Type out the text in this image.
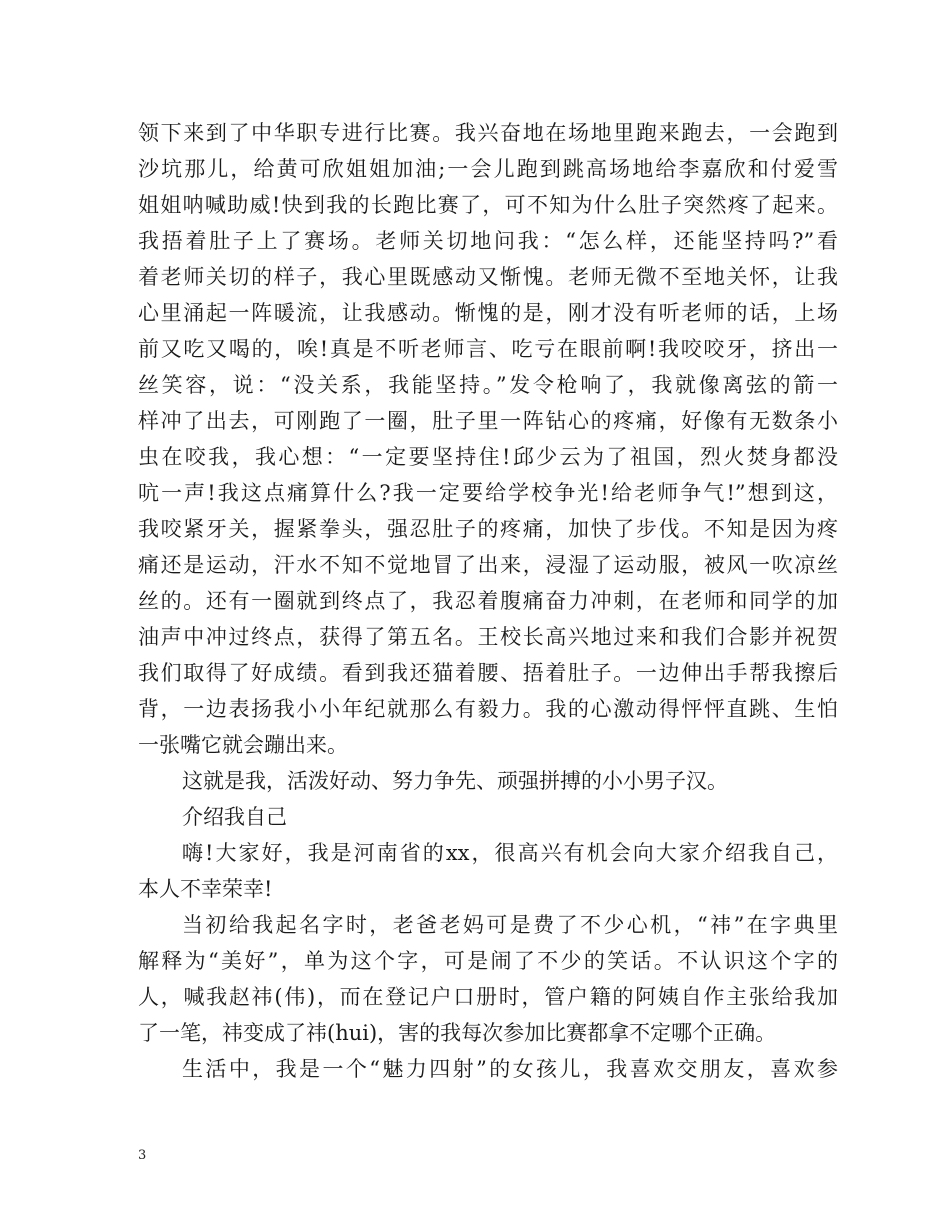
领下来到了中华职专进行比赛。我兴奋地在场地里跑来跑去，一会跑到
沙坑那儿，给黄可欣姐姐加油;一会儿跑到跳高场地给李嘉欣和付爱雪
姐姐呐喊助威!快到我的长跑比赛了，可不知为什么肚子突然疼了起来。
我捂着肚子上了赛场。老师关切地问我：“怎么样，还能坚持吗?”看
着老师关切的样子，我心里既感动又惭愧。老师无微不至地关怀，让我
心里涌起一阵暖流，让我感动。惭愧的是，刚才没有听老师的话，上场
前又吃又喝的，唉!真是不听老师言、吃亏在眼前啊!我咬咬牙，挤出一
丝笑容，说：“没关系，我能坚持。”发令枪响了，我就像离弦的箭一
样冲了出去，可刚跑了一圈，肚子里一阵钻心的疼痛，好像有无数条小
虫在咬我，我心想：“一定要坚持住!邱少云为了祖国，烈火焚身都没
吭一声!我这点痛算什么?我一定要给学校争光!给老师争气!”想到这，
我咬紧牙关，握紧拳头，强忍肚子的疼痛，加快了步伐。不知是因为疼
痛还是运动，汗水不知不觉地冒了出来，浸湿了运动服，被风一吹凉丝
丝的。还有一圈就到终点了，我忍着腹痛奋力冲刺，在老师和同学的加
油声中冲过终点，获得了第五名。王校长高兴地过来和我们合影并祝贺
我们取得了好成绩。看到我还猫着腰、捂着肚子。一边伸出手帮我擦后
背，一边表扬我小小年纪就那么有毅力。我的心激动得怦怦直跳、生怕
一张嘴它就会蹦出来。
这就是我，活泼好动、努力争先、顽强拼搏的小小男子汉。
介绍我自己
嗨!大家好，我是河南省的xx，很高兴有机会向大家介绍我自己，
本人不幸荣幸!
当初给我起名字时，老爸老妈可是费了不少心机，“祎”在字典里
解释为“美好”，单为这个字，可是闹了不少的笑话。不认识这个字的
人，喊我赵祎(伟)，而在登记户口册时，管户籍的阿姨自作主张给我加
了一笔，祎变成了祎(hui)，害的我每次参加比赛都拿不定哪个正确。
生活中，我是一个“魅力四射”的女孩儿，我喜欢交朋友，喜欢参
3
